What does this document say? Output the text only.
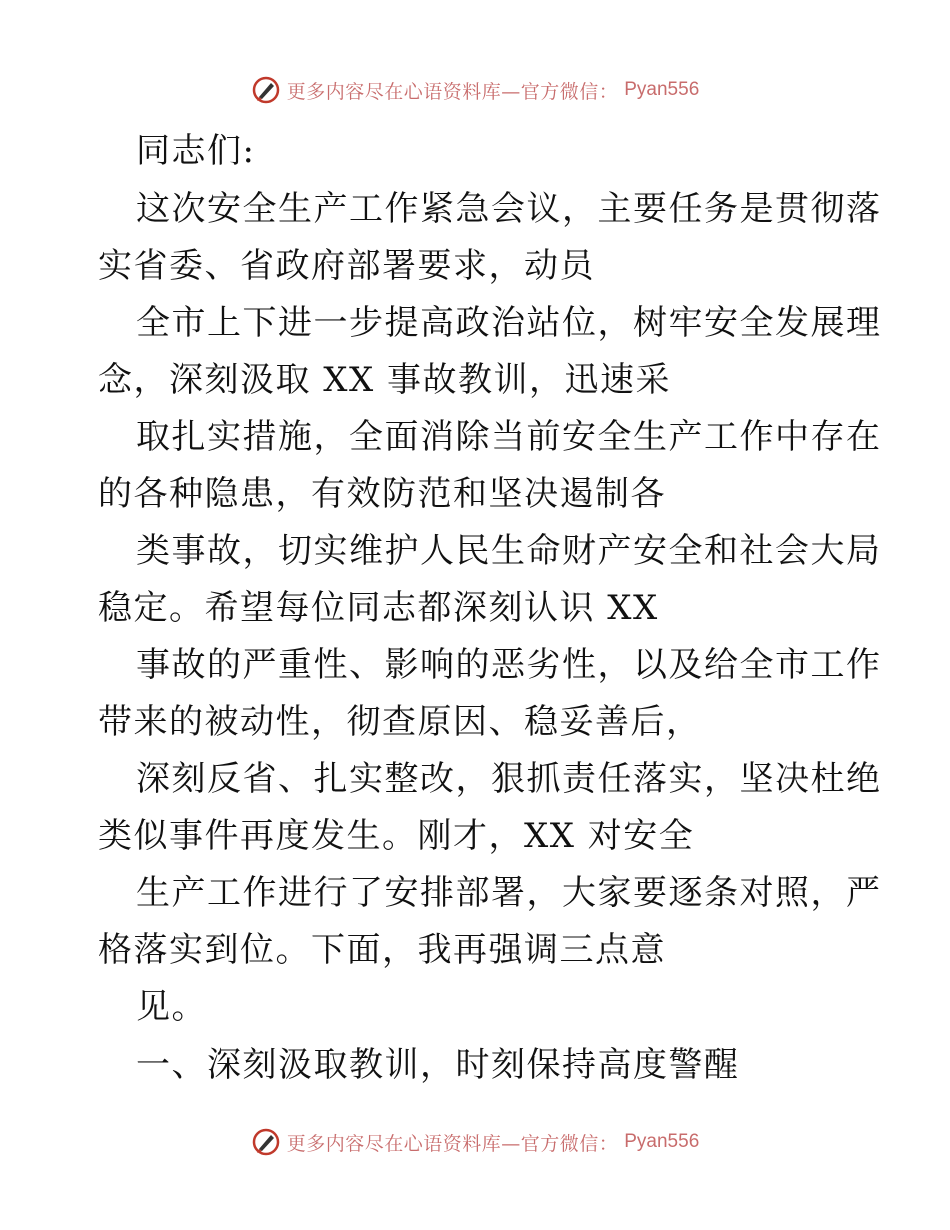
更多内容尽在心语资料库—官方微信： Pyan556
同志们:
这次安全生产工作紧急会议，主要任务是贯彻落
实省委、省政府部署要求，动员
全市上下进一步提高政治站位，树牢安全发展理
念，深刻汲取 XX 事故教训，迅速采
取扎实措施，全面消除当前安全生产工作中存在
的各种隐患，有效防范和坚决遏制各
类事故，切实维护人民生命财产安全和社会大局
稳定。希望每位同志都深刻认识 XX
事故的严重性、影响的恶劣性，以及给全市工作
带来的被动性，彻查原因、稳妥善后，
深刻反省、扎实整改，狠抓责任落实，坚决杜绝
类似事件再度发生。刚才，XX 对安全
生产工作进行了安排部署，大家要逐条对照，严
格落实到位。下面，我再强调三点意
见。
一、深刻汲取教训，时刻保持高度警醒
更多内容尽在心语资料库—官方微信： Pyan556
